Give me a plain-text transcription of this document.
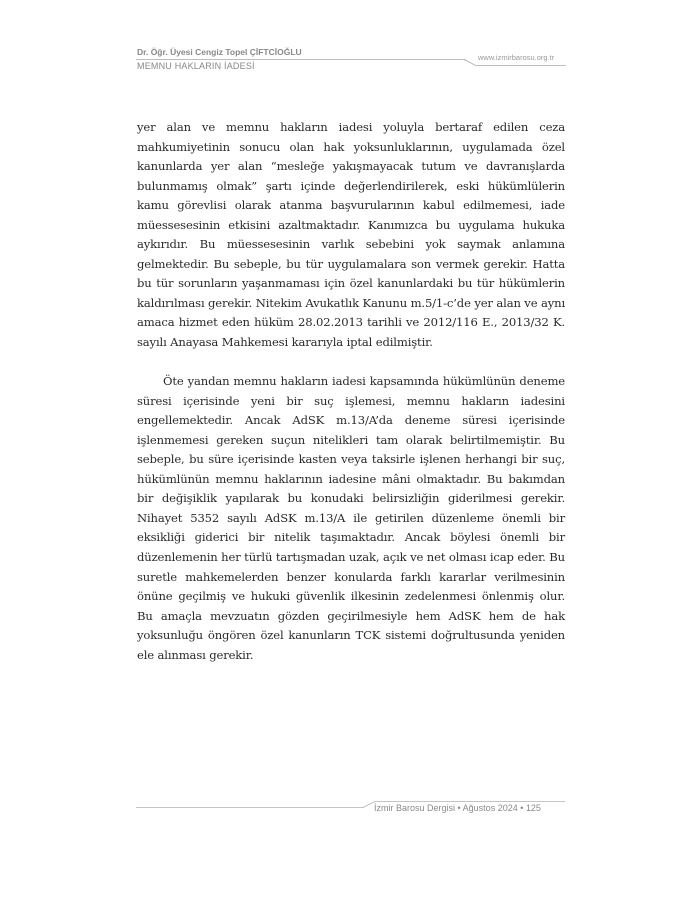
Dr. Öğr. Üyesi Cengiz Topel ÇİFTCİOĞLU
MEMNU HAKLARIN İADESİ
www.izmirbarosu.org.tr

yer alan ve memnu hakların iadesi yoluyla bertaraf edilen ceza mahkumiyetinin sonucu olan hak yoksunluklarının, uygulamada özel kanunlarda yer alan “mesleğe yakışmayacak tutum ve davranışlarda bulunmamış olmak” şartı içinde değerlendirilerek, eski hükümlülerin kamu görevlisi olarak atanma başvurularının kabul edilmemesi, iade müessesesinin etkisini azaltmaktadır. Kanımızca bu uygulama hukuka aykırıdır. Bu müessesesinin varlık sebebini yok saymak anlamına gelmektedir. Bu sebeple, bu tür uygulamalara son vermek gerekir. Hatta bu tür sorunların yaşanmaması için özel kanunlardaki bu tür hükümlerin kaldırılması gerekir. Nitekim Avukatlık Kanunu m.5/1-c’de yer alan ve aynı amaca hizmet eden hüküm 28.02.2013 tarihli ve 2012/116 E., 2013/32 K. sayılı Anayasa Mahkemesi kararıyla iptal edilmiştir.

Öte yandan memnu hakların iadesi kapsamında hükümlünün deneme süresi içerisinde yeni bir suç işlemesi, memnu hakların iadesini engellemektedir. Ancak AdSK m.13/A’da deneme süresi içerisinde işlenmemesi gereken suçun nitelikleri tam olarak belirtilmemiştir. Bu sebeple, bu süre içerisinde kasten veya taksirle işlenen herhangi bir suç, hükümlünün memnu haklarının iadesine mâni olmaktadır. Bu bakımdan bir değişiklik yapılarak bu konudaki belirsizliğin giderilmesi gerekir. Nihayet 5352 sayılı AdSK m.13/A ile getirilen düzenleme önemli bir eksikliği giderici bir nitelik taşımaktadır. Ancak böylesi önemli bir düzenlemenin her türlü tartışmadan uzak, açık ve net olması icap eder. Bu suretle mahkemelerden benzer konularda farklı kararlar verilmesinin önüne geçilmiş ve hukuki güvenlik ilkesinin zedelenmesi önlenmiş olur. Bu amaçla mevzuatın gözden geçirilmesiyle hem AdSK hem de hak yoksunluğu öngören özel kanunların TCK sistemi doğrultusunda yeniden ele alınması gerekir.

İzmir Barosu Dergisi • Ağustos 2024 • 125
